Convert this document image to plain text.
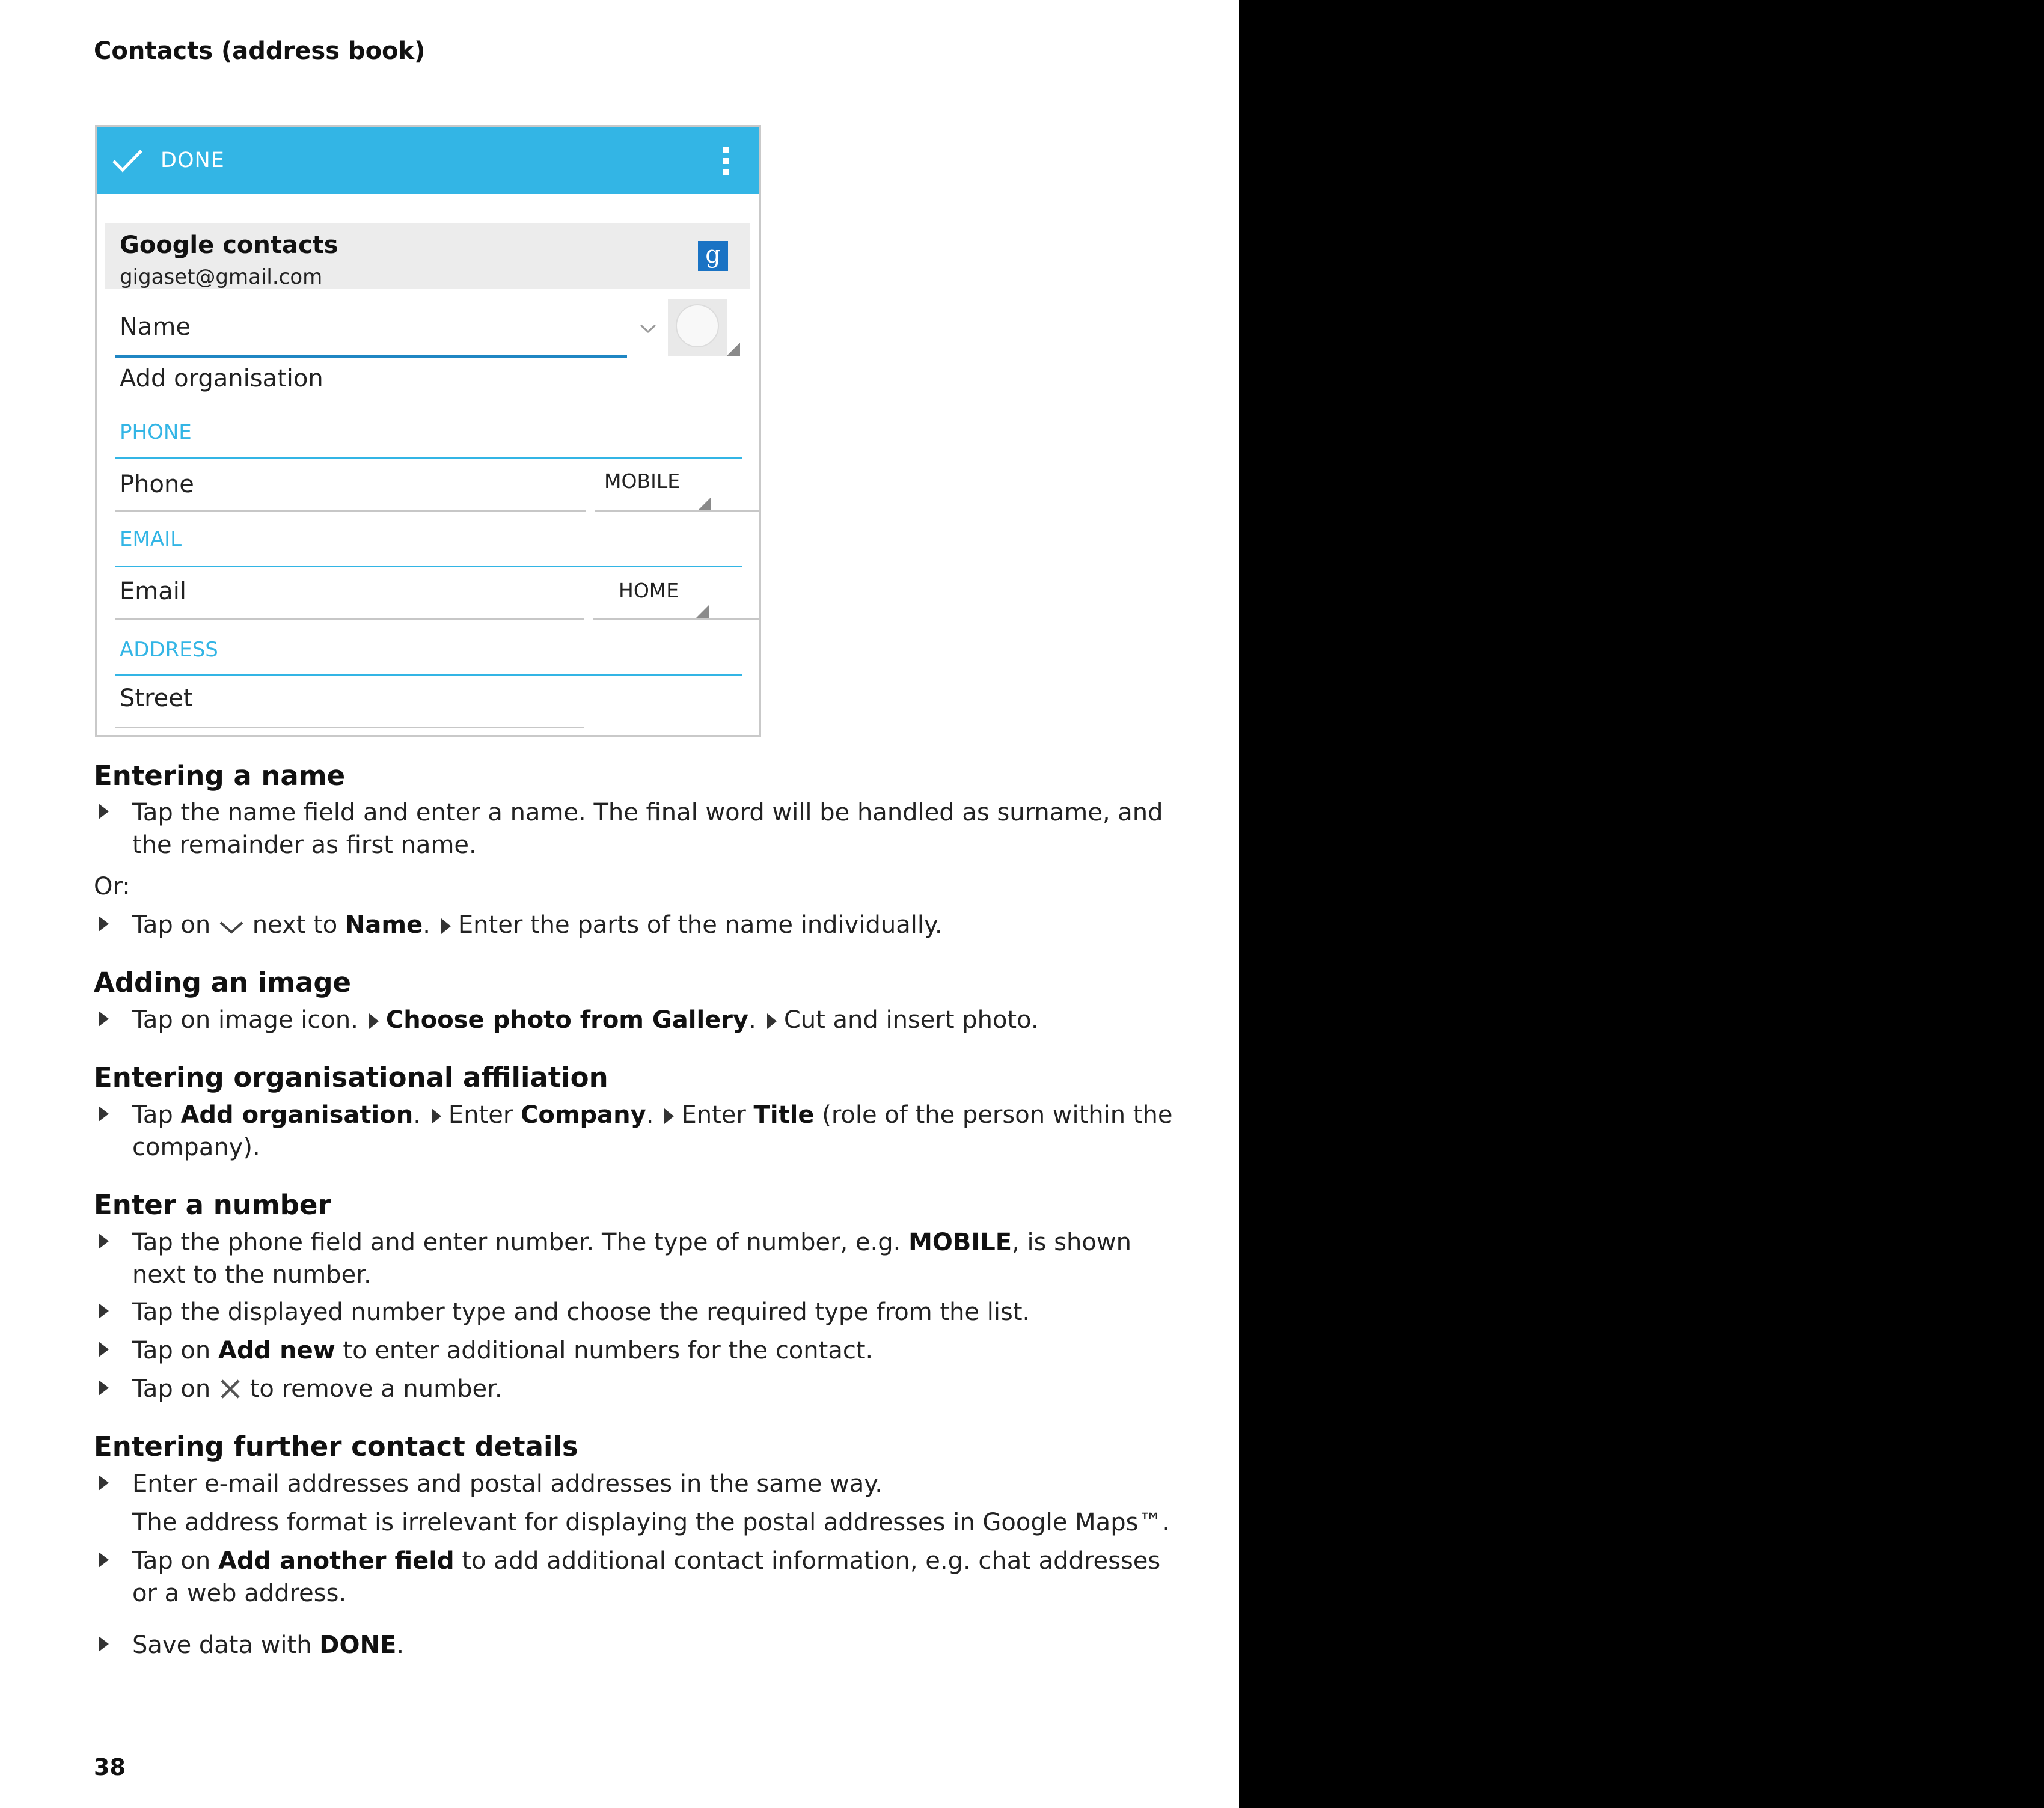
Contacts (address book)
DONE
Google contacts
gigaset@gmail.com
g
Name
Add organisation
PHONE
Phone	MOBILE
EMAIL
Email	HOME
ADDRESS
Street
Entering a name
Tap the name field and enter a name. The final word will be handled as surname, and the remainder as first name.
Or:
Tap on next to Name. Enter the parts of the name individually.
Adding an image
Tap on image icon. Choose photo from Gallery. Cut and insert photo.
Entering organisational affiliation
Tap Add organisation. Enter Company. Enter Title (role of the person within the company).
Enter a number
Tap the phone field and enter number. The type of number, e.g. MOBILE, is shown next to the number.
Tap the displayed number type and choose the required type from the list.
Tap on Add new to enter additional numbers for the contact.
Tap on to remove a number.
Entering further contact details
Enter e-mail addresses and postal addresses in the same way.
The address format is irrelevant for displaying the postal addresses in Google Maps™.
Tap on Add another field to add additional contact information, e.g. chat addresses or a web address.
Save data with DONE.
38
